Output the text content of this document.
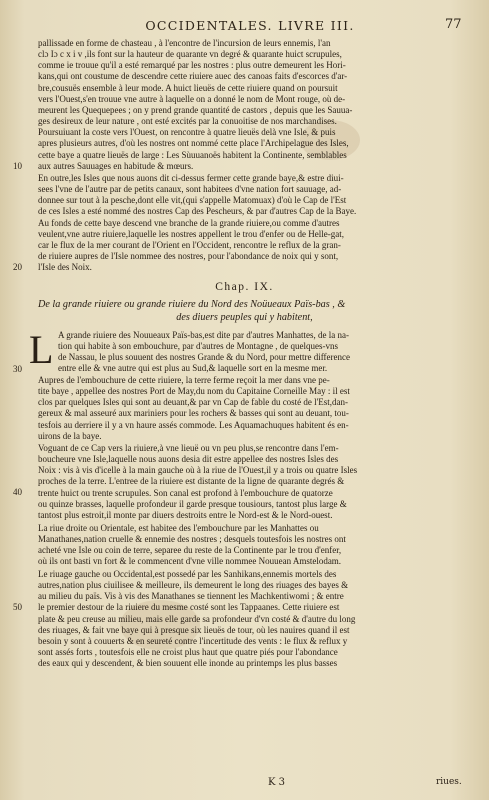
OCCIDENTALES. LIVRE III.	77
pallissade en forme de chasteau , à l'encontre de l'incursion de leurs ennemis, l'an
clɔ Iɔ c x i v ,ils font sur la hauteur de quarante vn degré & quarante huict scrupules,
comme ie trouue qu'il a esté remarqué par les nostres : plus outre demeurent les Hori-
kans,qui ont coustume de descendre cette riuiere auec des canoas faits d'escorces d'ar-
bre,cousuës ensemble à leur mode. A huict lieuës de cette riuiere quand on poursuit
vers l'Ouest,s'en trouue vne autre à laquelle on a donné le nom de Mont rouge, où de-
meurent les Quequepees ; on y prend grande quantité de castors , depuis que les Sauua-
ges desireux de leur nature , ont esté excités par la conuoitise de nos marchandises.
Poursuiuant la coste vers l'Ouest, on rencontre à quatre lieuës delà vne Isle, & puis
apres plusieurs autres, d'où les nostres ont nommé cette place l'Archipelague des Isles,
cette baye a quatre lieuës de large : Les Sùuuanoës habitent la Continente, semblables
aux autres Sauuages en habitude & mœurs.
En outre,les Isles que nous auons dit ci-dessus fermer cette grande baye,& estre diui-
sees l'vne de l'autre par de petits canaux, sont habitees d'vne nation fort sauuage, ad-
donnee sur tout à la pesche,dont elle vit,(qui s'appelle Matomuax) d'où le Cap de l'Est
de ces Isles a esté nommé des nostres Cap des Pescheurs, & par d'autres Cap de la Baye.
Au fonds de cette baye descend vne branche de la grande riuiere,ou comme d'autres
veulent,vne autre riuiere,laquelle les nostres appellent le trou d'enfer ou de Helle-gat,
car le flux de la mer courant de l'Orient en l'Occident, rencontre le reflux de la gran-
de riuiere aupres de l'Isle nommee des nostres, pour l'abondance de noix qui y sont,
l'Isle des Noix.
Chap. IX.
De la grande riuiere ou grande riuiere du Nord des Noüueaux Païs-bas , &
des diuers peuples qui y habitent,
L A grande riuiere des Nouueaux Païs-bas,est dite par d'autres Manhattes, de la na-
tion qui habite à son embouchure, par d'autres de Montagne , de quelques-vns
de Nassau, le plus souuent des nostres Grande & du Nord, pour mettre difference
entre elle & vne autre qui est plus au Sud,& laquelle sort en la mesme mer.
Aupres de l'embouchure de cette riuiere, la terre ferme reçoit la mer dans vne pe-
tite baye , appellee des nostres Port de May,du nom du Capitaine Corneille May : il est
clos par quelques Isles qui sont au deuant,& par vn Cap de fable du costé de l'Est,dan-
gereux & mal asseuré aux mariniers pour les rochers & basses qui sont au deuant, tou-
tesfois au derriere il y a vn haure assés commode. Les Aquamachuques habitent és en-
uirons de la baye.
Voguant de ce Cap vers la riuiere,à vne lieuë ou vn peu plus,se rencontre dans l'em-
boucheure vne Isle,laquelle nous auons desia dit estre appellee des nostres Isles des
Noix : vis à vis d'icelle à la main gauche où à la riue de l'Ouest,il y a trois ou quatre Isles
proches de la terre. L'entree de la riuiere est distante de la ligne de quarante degrés &
trente huict ou trente scrupules. Son canal est profond à l'embouchure de quatorze
ou quinze brasses, laquelle profondeur il garde presque tousiours, tantost plus large &
tantost plus estroit,il monte par diuers destroits entre le Nord-est & le Nord-ouest.
La riue droite ou Orientale, est habitee des l'embouchure par les Manhattes ou
Manathanes,nation cruelle & ennemie des nostres ; desquels toutesfois les nostres ont
acheté vne Isle ou coin de terre, separee du reste de la Continente par le trou d'enfer,
où ils ont basti vn fort & le commencent d'vne ville nommee Nouuean Amstelodam.
Le riuage gauche ou Occidental,est possedé par les Sanhikans,ennemis mortels des
autres,nation plus ciuilisee & meilleure, ils demeurent le long des riuages des bayes &
au milieu du païs. Vis à vis des Manathanes se tiennent les Machkentiwomi ; & entre
le premier destour de la riuiere du mesme costé sont les Tappaanes. Cette riuiere est
plate & peu creuse au milieu, mais elle garde sa profondeur d'vn costé & d'autre du long
des riuages, & fait vne baye qui à presque six lieuës de tour, où les nauires quand il est
besoin y sont à couuerts & en seureté contre l'incertitude des vents : le flux & reflux y
sont assés forts , toutesfois elle ne croist plus haut que quatre piés pour l'abondance
des eaux qui y descendent, & bien souuent elle inonde au printemps les plus basses
10
20
30
40
50
K 3	riues.
